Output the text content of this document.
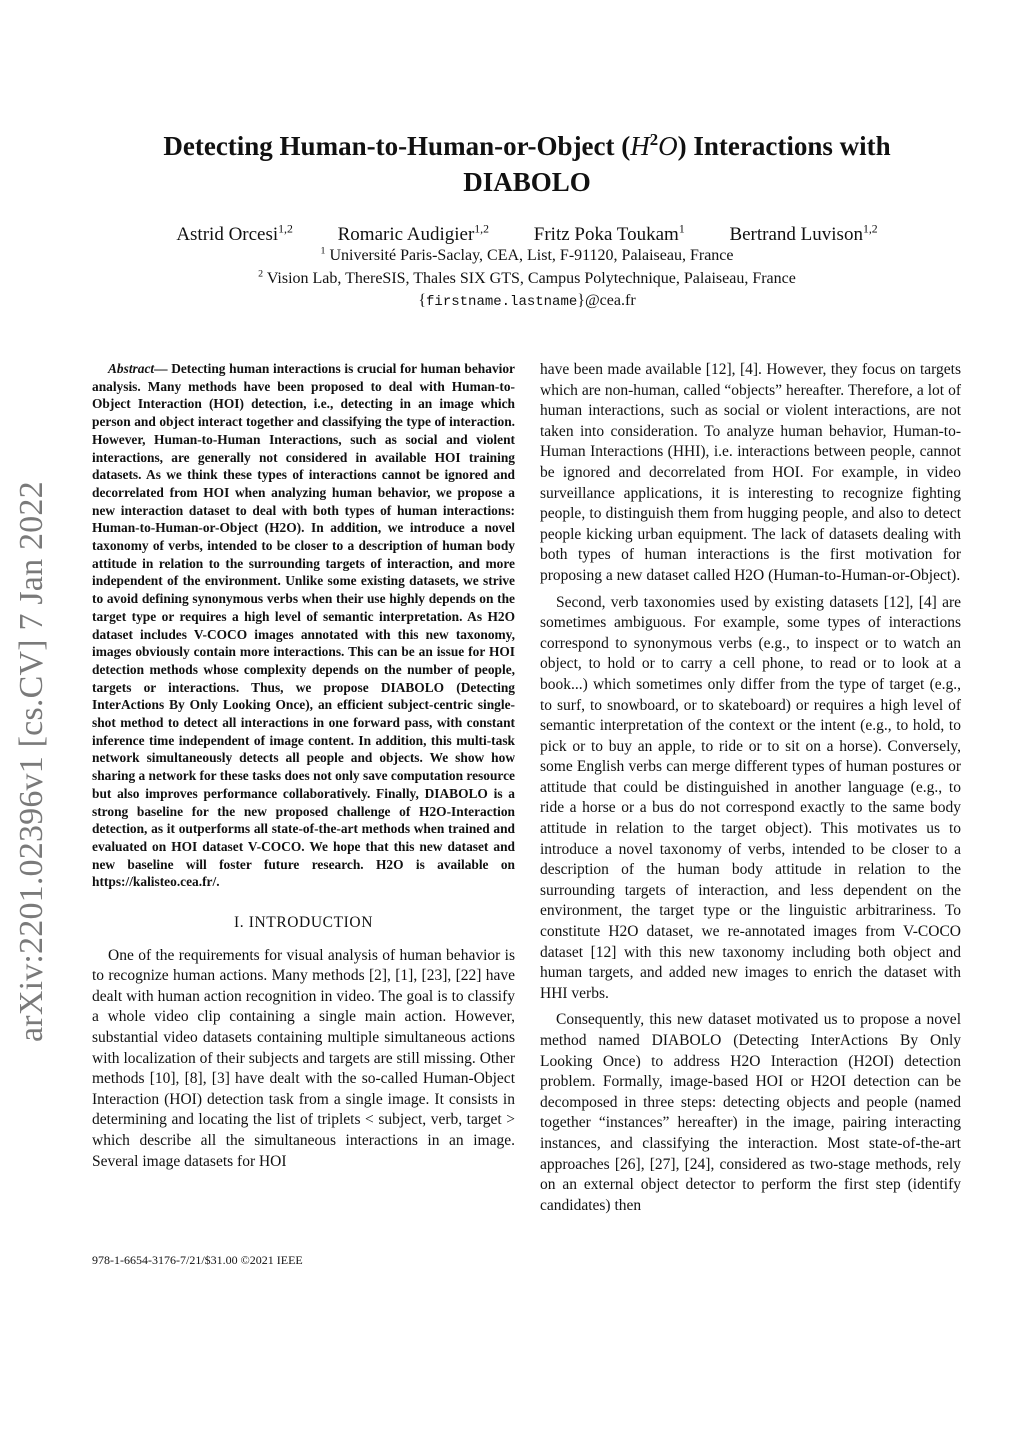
arXiv:2201.02396v1 [cs.CV] 7 Jan 2022
Detecting Human-to-Human-or-Object $(H^2O)$ Interactions with
DIABOLO
Astrid Orcesi$^{1,2}$ Romaric Audigier$^{1,2}$ Fritz Poka Toukam$^1$ Bertrand Luvison$^{1,2}$
$^1$ Université Paris-Saclay, CEA, List, F-91120, Palaiseau, France
$^2$ Vision Lab, ThereSIS, Thales SIX GTS, Campus Polytechnique, Palaiseau, France
{firstname.lastname}@cea.fr

Abstract— Detecting human interactions is crucial for human behavior analysis. Many methods have been proposed to deal with Human-to-Object Interaction (HOI) detection, i.e., detecting in an image which person and object interact together and classifying the type of interaction. However, Human-to-Human Interactions, such as social and violent interactions, are generally not considered in available HOI training datasets. As we think these types of interactions cannot be ignored and decorrelated from HOI when analyzing human behavior, we propose a new interaction dataset to deal with both types of human interactions: Human-to-Human-or-Object (H2O). In addition, we introduce a novel taxonomy of verbs, intended to be closer to a description of human body attitude in relation to the surrounding targets of interaction, and more independent of the environment. Unlike some existing datasets, we strive to avoid defining synonymous verbs when their use highly depends on the target type or requires a high level of semantic interpretation. As H2O dataset includes V-COCO images annotated with this new taxonomy, images obviously contain more interactions. This can be an issue for HOI detection methods whose complexity depends on the number of people, targets or interactions. Thus, we propose DIABOLO (Detecting InterActions By Only Looking Once), an efficient subject-centric single-shot method to detect all interactions in one forward pass, with constant inference time independent of image content. In addition, this multi-task network simultaneously detects all people and objects. We show how sharing a network for these tasks does not only save computation resource but also improves performance collaboratively. Finally, DIABOLO is a strong baseline for the new proposed challenge of H2O-Interaction detection, as it outperforms all state-of-the-art methods when trained and evaluated on HOI dataset V-COCO. We hope that this new dataset and new baseline will foster future research. H2O is available on https://kalisteo.cea.fr/.

I. INTRODUCTION

One of the requirements for visual analysis of human behavior is to recognize human actions. Many methods [2], [1], [23], [22] have dealt with human action recognition in video. The goal is to classify a whole video clip containing a single main action. However, substantial video datasets containing multiple simultaneous actions with localization of their subjects and targets are still missing. Other methods [10], [8], [3] have dealt with the so-called Human-Object Interaction (HOI) detection task from a single image. It consists in determining and locating the list of triplets < subject, verb, target > which describe all the simultaneous interactions in an image. Several image datasets for HOI

have been made available [12], [4]. However, they focus on targets which are non-human, called “objects” hereafter. Therefore, a lot of human interactions, such as social or violent interactions, are not taken into consideration. To analyze human behavior, Human-to-Human Interactions (HHI), i.e. interactions between people, cannot be ignored and decorrelated from HOI. For example, in video surveillance applications, it is interesting to recognize fighting people, to distinguish them from hugging people, and also to detect people kicking urban equipment. The lack of datasets dealing with both types of human interactions is the first motivation for proposing a new dataset called H2O (Human-to-Human-or-Object).

Second, verb taxonomies used by existing datasets [12], [4] are sometimes ambiguous. For example, some types of interactions correspond to synonymous verbs (e.g., to inspect or to watch an object, to hold or to carry a cell phone, to read or to look at a book...) which sometimes only differ from the type of target (e.g., to surf, to snowboard, or to skateboard) or requires a high level of semantic interpretation of the context or the intent (e.g., to hold, to pick or to buy an apple, to ride or to sit on a horse). Conversely, some English verbs can merge different types of human postures or attitude that could be distinguished in another language (e.g., to ride a horse or a bus do not correspond exactly to the same body attitude in relation to the target object). This motivates us to introduce a novel taxonomy of verbs, intended to be closer to a description of the human body attitude in relation to the surrounding targets of interaction, and less dependent on the environment, the target type or the linguistic arbitrariness. To constitute H2O dataset, we re-annotated images from V-COCO dataset [12] with this new taxonomy including both object and human targets, and added new images to enrich the dataset with HHI verbs.

Consequently, this new dataset motivated us to propose a novel method named DIABOLO (Detecting InterActions By Only Looking Once) to address H2O Interaction (H2OI) detection problem. Formally, image-based HOI or H2OI detection can be decomposed in three steps: detecting objects and people (named together “instances” hereafter) in the image, pairing interacting instances, and classifying the interaction. Most state-of-the-art approaches [26], [27], [24], considered as two-stage methods, rely on an external object detector to perform the first step (identify candidates) then

978-1-6654-3176-7/21/$31.00 ©2021 IEEE
